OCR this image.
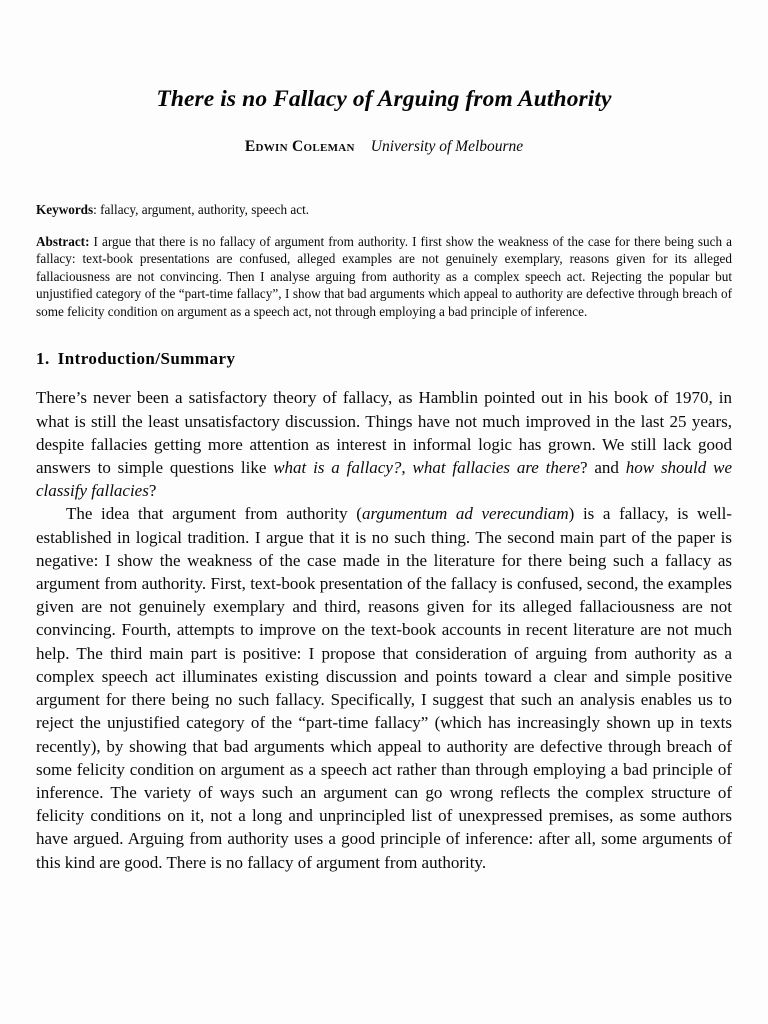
There is no Fallacy of Arguing from Authority
Edwin Coleman University of Melbourne

Keywords: fallacy, argument, authority, speech act.

Abstract: I argue that there is no fallacy of argument from authority. I first show the weakness of the case for there being such a fallacy: text-book presentations are confused, alleged examples are not genuinely exemplary, reasons given for its alleged fallaciousness are not convincing. Then I analyse arguing from authority as a complex speech act. Rejecting the popular but unjustified category of the “part-time fallacy”, I show that bad arguments which appeal to authority are defective through breach of some felicity condition on argument as a speech act, not through employing a bad principle of inference.

1. Introduction/Summary

There’s never been a satisfactory theory of fallacy, as Hamblin pointed out in his book of 1970, in what is still the least unsatisfactory discussion. Things have not much improved in the last 25 years, despite fallacies getting more attention as interest in informal logic has grown. We still lack good answers to simple questions like what is a fallacy?, what fallacies are there? and how should we classify fallacies?

The idea that argument from authority (argumentum ad verecundiam) is a fallacy, is well-established in logical tradition. I argue that it is no such thing. The second main part of the paper is negative: I show the weakness of the case made in the literature for there being such a fallacy as argument from authority. First, text-book presentation of the fallacy is confused, second, the examples given are not genuinely exemplary and third, reasons given for its alleged fallaciousness are not convincing. Fourth, attempts to improve on the text-book accounts in recent literature are not much help. The third main part is positive: I propose that consideration of arguing from authority as a complex speech act illuminates existing discussion and points toward a clear and simple positive argument for there being no such fallacy. Specifically, I suggest that such an analysis enables us to reject the unjustified category of the “part-time fallacy” (which has increasingly shown up in texts recently), by showing that bad arguments which appeal to authority are defective through breach of some felicity condition on argument as a speech act rather than through employing a bad principle of inference. The variety of ways such an argument can go wrong reflects the complex structure of felicity conditions on it, not a long and unprincipled list of unexpressed premises, as some authors have argued. Arguing from authority uses a good principle of inference: after all, some arguments of this kind are good. There is no fallacy of argument from authority.
